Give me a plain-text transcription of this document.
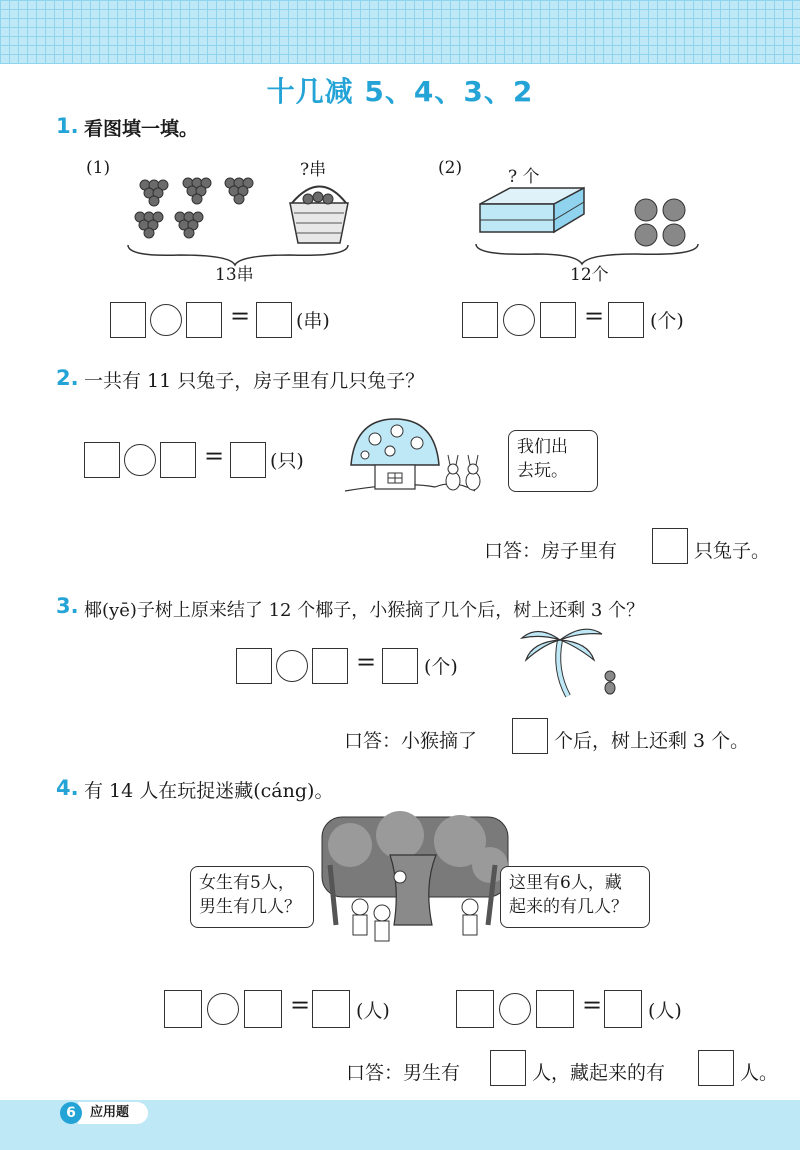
十几减 5、4、3、2
1. 看图填一填。
(1)	?串
13串
= (串)
(2)	? 个
12个
= (个)
2. 一共有 11 只兔子，房子里有几只兔子？
= (只)
我们出
去玩。
口答：房子里有	只兔子。
3. 椰(yē)子树上原来结了 12 个椰子，小猴摘了几个后，树上还剩 3 个？
=	(个)
口答：小猴摘了	个后，树上还剩 3 个。
4. 有 14 人在玩捉迷藏(cáng)。
女生有5人，
男生有几人？
这里有6人，藏
起来的有几人？
= (人)	= (人)
口答：男生有	人，藏起来的有	人。
应用题
6
